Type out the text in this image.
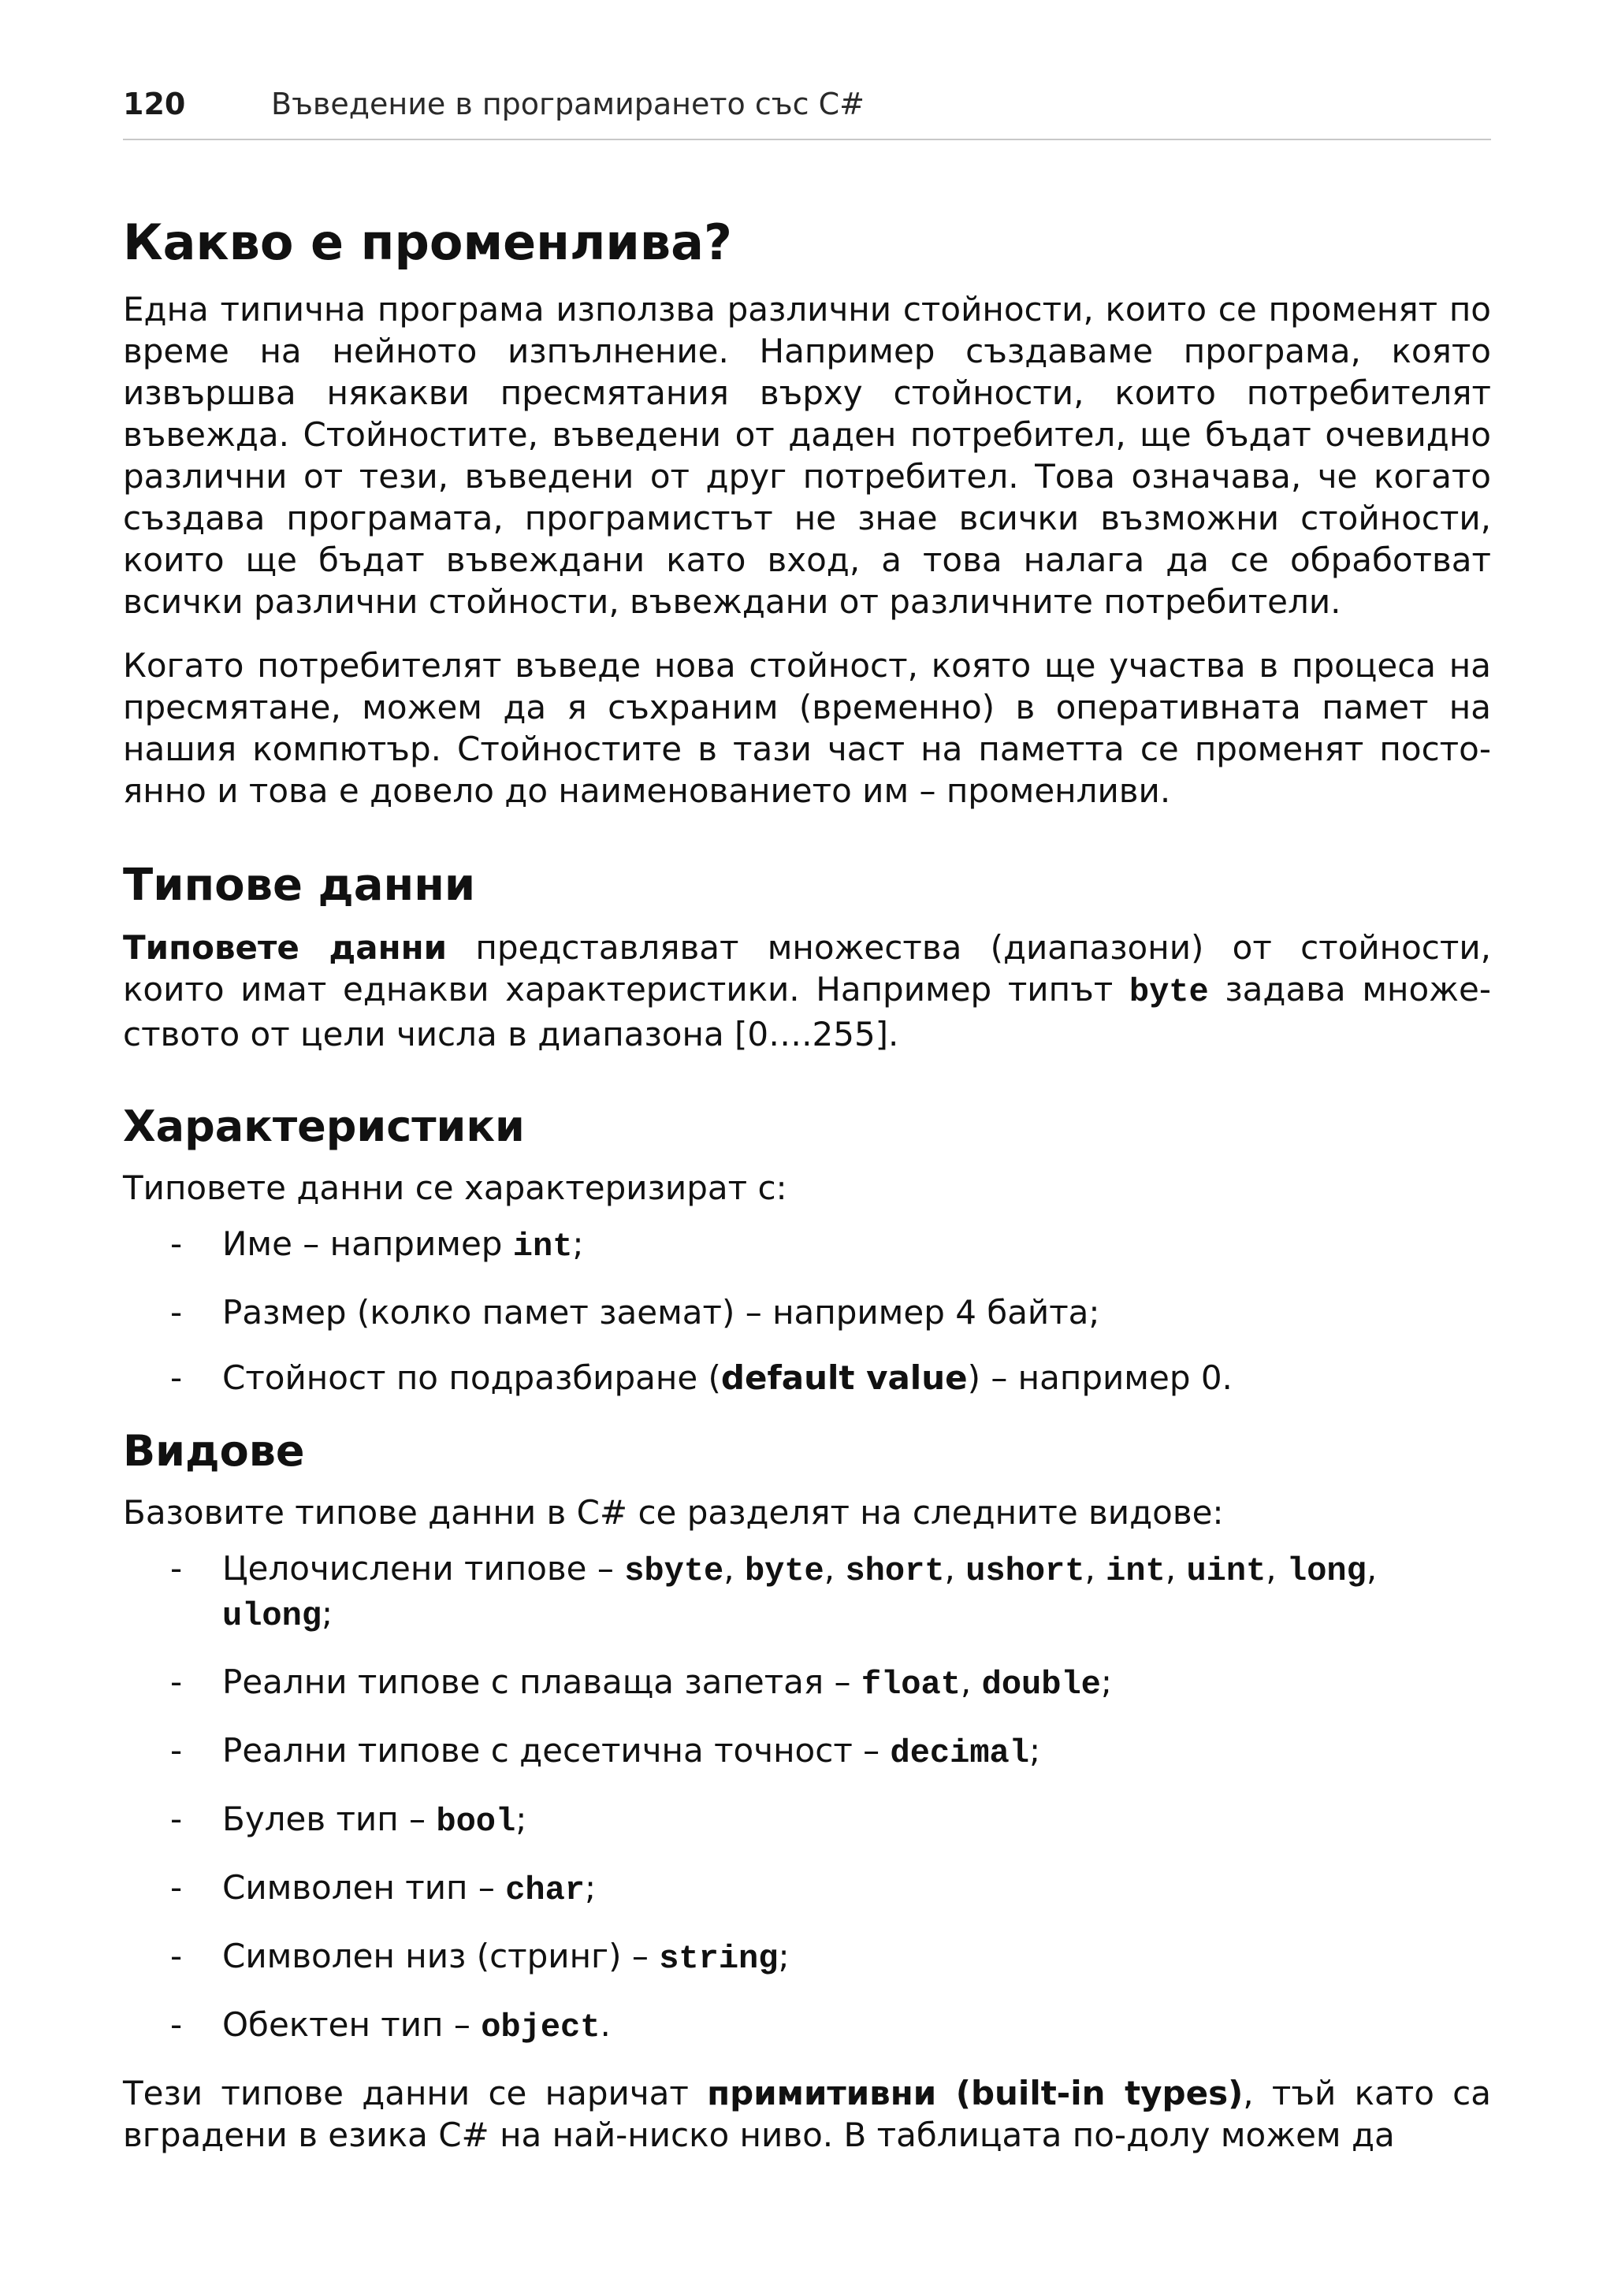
120	Въведение в програмирането със C#
Какво е променлива?

Една типична програма използва различни стойности, които се променят по време на нейното изпълнение. Например създаваме програма, която извършва някакви пресмятания върху стойности, които потребителят въвежда. Стойностите, въведени от даден потребител, ще бъдат очевидно различни от тези, въведени от друг потребител. Това означава, че когато създава програмата, програмистът не знае всички възможни стойности, които ще бъдат въвеждани като вход, а това налага да се обработват всички различни стойности, въвеждани от различните потребители.

Когато потребителят въведе нова стойност, която ще участва в процеса на пресмятане, можем да я съхраним (временно) в оперативната памет на нашия компютър. Стойностите в тази част на паметта се променят посто-янно и това е довело до наименованието им – променливи.

Типове данни

Типовете данни представляват множества (диапазони) от стойности, които имат еднакви характеристики. Например типът byte задава множе-ството от цели числа в диапазона [0….255].

Характеристики

Типовете данни се характеризират с:

- Име – например int;
- Размер (колко памет заемат) – например 4 байта;
- Стойност по подразбиране (default value) – например 0.
Видове

Базовите типове данни в C# се разделят на следните видове:

- Целочислени типове – sbyte, byte, short, ushort, int, uint, long, ulong;
- Реални типове с плаваща запетая – float, double;
- Реални типове с десетична точност – decimal;
- Булев тип – bool;
- Символен тип – char;
- Символен низ (стринг) – string;
- Обектен тип – object.

Тези типове данни се наричат примитивни (built-in types), тъй като са вградени в езика C# на най-ниско ниво. В таблицата по-долу можем да
